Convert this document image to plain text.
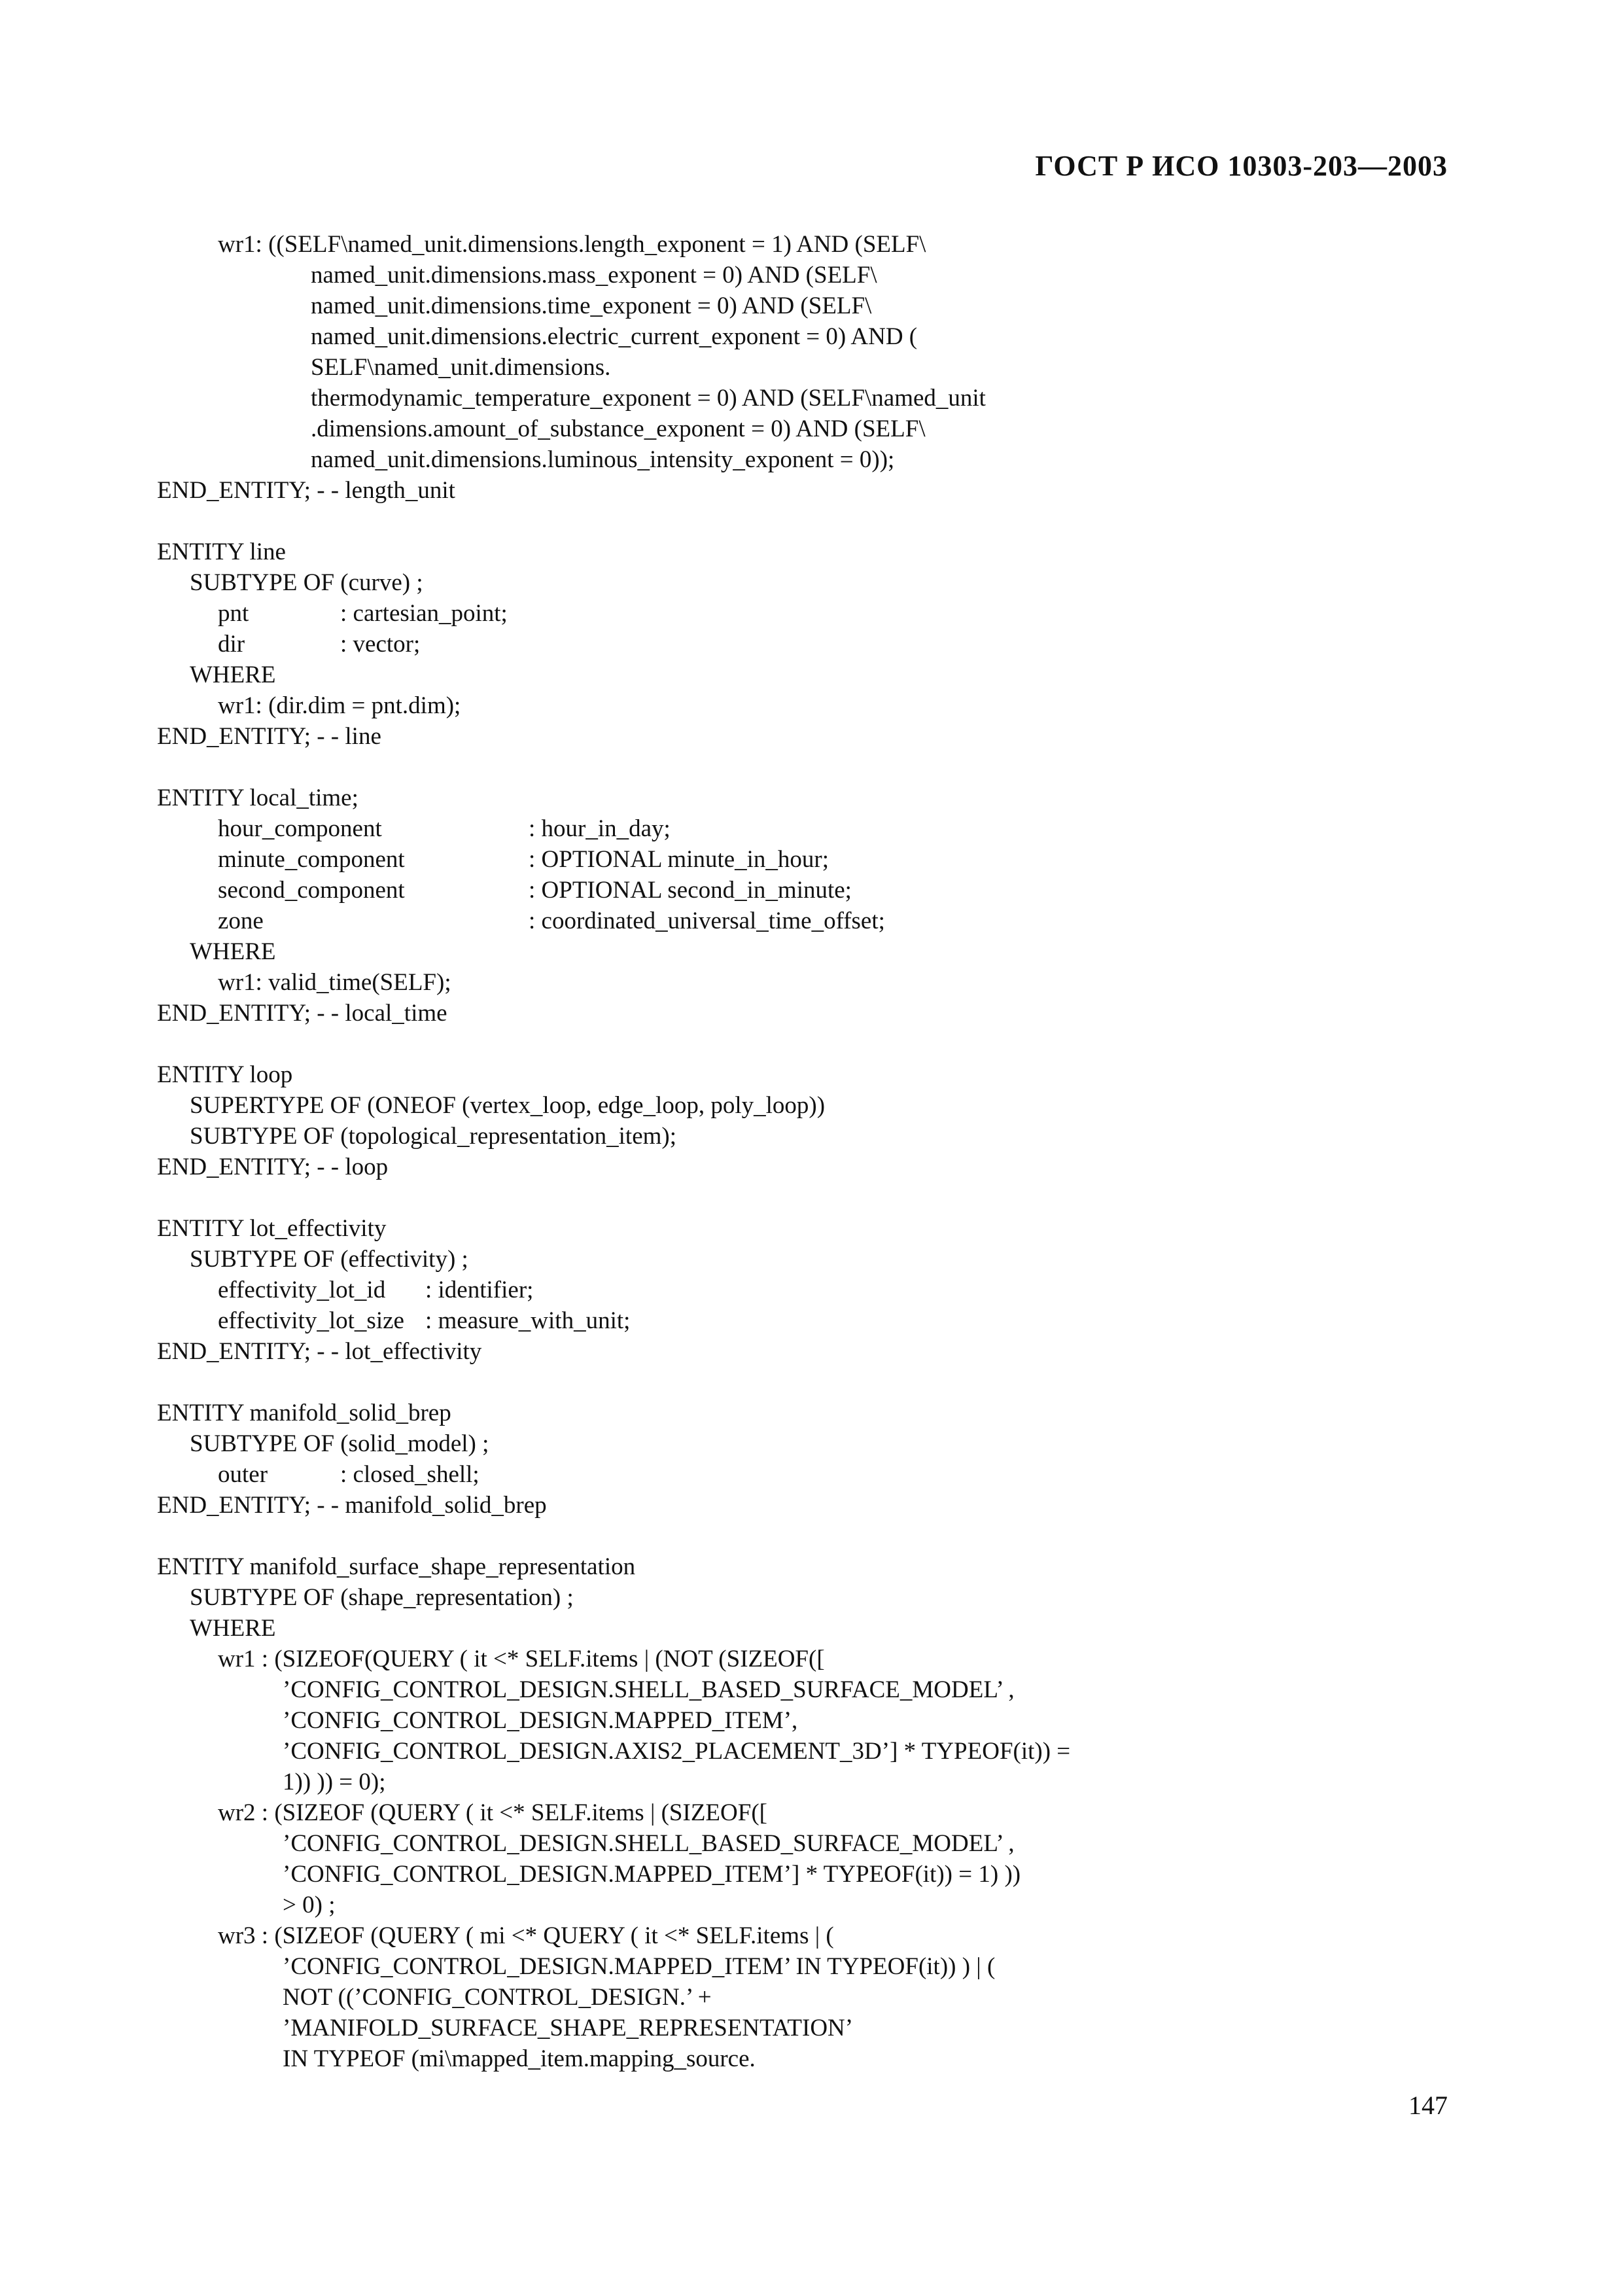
ГОСТ Р ИСО 10303-203—2003
wr1: ((SELF\named_unit.dimensions.length_exponent = 1) AND (SELF\
named_unit.dimensions.mass_exponent = 0) AND (SELF\
named_unit.dimensions.time_exponent = 0) AND (SELF\
named_unit.dimensions.electric_current_exponent = 0) AND (
SELF\named_unit.dimensions.
thermodynamic_temperature_exponent = 0) AND (SELF\named_unit
.dimensions.amount_of_substance_exponent = 0) AND (SELF\
named_unit.dimensions.luminous_intensity_exponent = 0));
END_ENTITY; - - length_unit
ENTITY line
SUBTYPE OF (curve) ;
pnt	: cartesian_point;
dir	: vector;
WHERE
wr1: (dir.dim = pnt.dim);
END_ENTITY; - - line
ENTITY local_time;
hour_component	: hour_in_day;
minute_component	: OPTIONAL minute_in_hour;
second_component	: OPTIONAL second_in_minute;
zone	: coordinated_universal_time_offset;
WHERE
wr1: valid_time(SELF);
END_ENTITY; - - local_time
ENTITY loop
SUPERTYPE OF (ONEOF (vertex_loop, edge_loop, poly_loop))
SUBTYPE OF (topological_representation_item);
END_ENTITY; - - loop
ENTITY lot_effectivity
SUBTYPE OF (effectivity) ;
effectivity_lot_id : identifier;
effectivity_lot_size : measure_with_unit;
END_ENTITY; - - lot_effectivity
ENTITY manifold_solid_brep
SUBTYPE OF (solid_model) ;
outer	: closed_shell;
END_ENTITY; - - manifold_solid_brep
ENTITY manifold_surface_shape_representation
SUBTYPE OF (shape_representation) ;
WHERE
wr1 : (SIZEOF(QUERY ( it <* SELF.items | (NOT (SIZEOF([
’CONFIG_CONTROL_DESIGN.SHELL_BASED_SURFACE_MODEL’ ,
’CONFIG_CONTROL_DESIGN.MAPPED_ITEM’,
’CONFIG_CONTROL_DESIGN.AXIS2_PLACEMENT_3D’] * TYPEOF(it)) =
1)) )) = 0);
wr2 : (SIZEOF (QUERY ( it <* SELF.items | (SIZEOF([
’CONFIG_CONTROL_DESIGN.SHELL_BASED_SURFACE_MODEL’ ,
’CONFIG_CONTROL_DESIGN.MAPPED_ITEM’] * TYPEOF(it)) = 1) ))
> 0) ;
wr3 : (SIZEOF (QUERY ( mi <* QUERY ( it <* SELF.items | (
’CONFIG_CONTROL_DESIGN.MAPPED_ITEM’ IN TYPEOF(it)) ) | (
NOT ((’CONFIG_CONTROL_DESIGN.’ +
’MANIFOLD_SURFACE_SHAPE_REPRESENTATION’
IN TYPEOF (mi\mapped_item.mapping_source.
147
